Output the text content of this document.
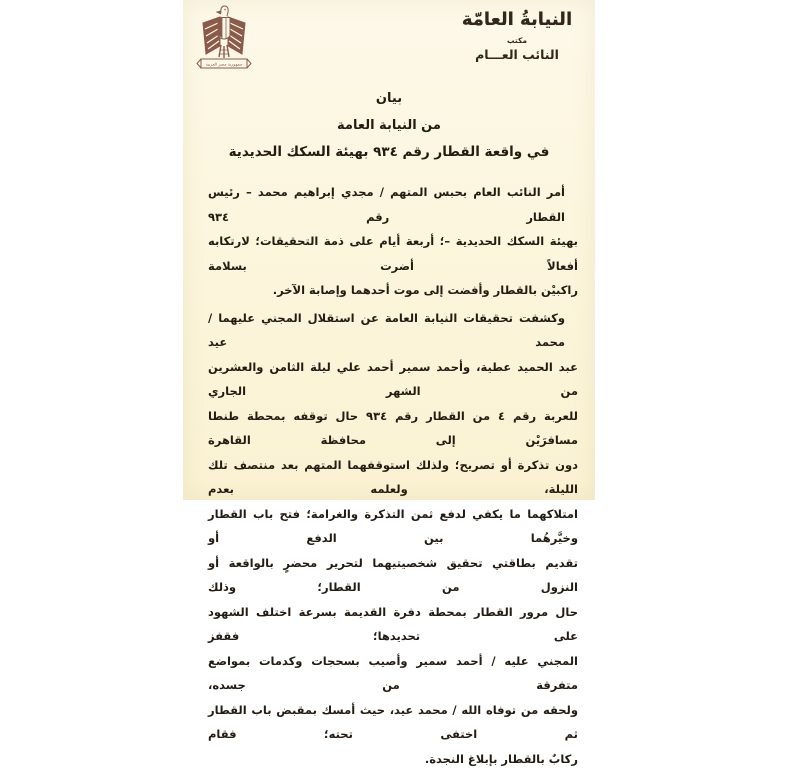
جمهورية مصر العربية
النيابةُ العامّة
مكتب
النائب العـــام
بيان
من النيابة العامة
في واقعة القطار رقم ٩٣٤ بهيئة السكك الحديدية
أمر النائب العام بحبس المتهم / مجدي إبراهيم محمد – رئيس القطار رقم ٩٣٤
بهيئة السكك الحديدية –؛ أربعة أيام على ذمة التحقيقات؛ لارتكابه أفعالاً أضرت بسلامة
راكبيْن بالقطار وأفضت إلى موت أحدهما وإصابة الآخر.
وكشفت تحقيقات النيابة العامة عن استقلال المجني عليهما / محمد عيد
عبد الحميد عطية، وأحمد سمير أحمد علي ليلة الثامن والعشرين من الشهر الجاري
للعربة رقم ٤ من القطار رقم ٩٣٤ حال توقفه بمحطة طنطا مسافرَيْن إلى محافظة القاهرة
دون تذكرة أو تصريح؛ ولذلك استوقفهما المتهم بعد منتصف تلك الليلة، ولعلمه بعدم
امتلاكهما ما يكفي لدفع ثمن التذكرة والغرامة؛ فتح باب القطار وخيَّرهُما بين الدفع أو
تقديم بطاقتي تحقيق شخصيتيهما لتحرير محضرٍ بالواقعة أو النزول من القطار؛ وذلك
حال مرور القطار بمحطة دفرة القديمة بسرعة اختلف الشهود على تحديدها؛ فقفز
المجني عليه / أحمد سمير وأصيب بسحجات وكدمات بمواضع متفرقة من جسده،
ولحقه من توفاه الله / محمد عيد، حيث أمسك بمقبض باب القطار ثم اختفى تحته؛ فقام
ركابٌ بالقطار بإبلاغ النجدة.
